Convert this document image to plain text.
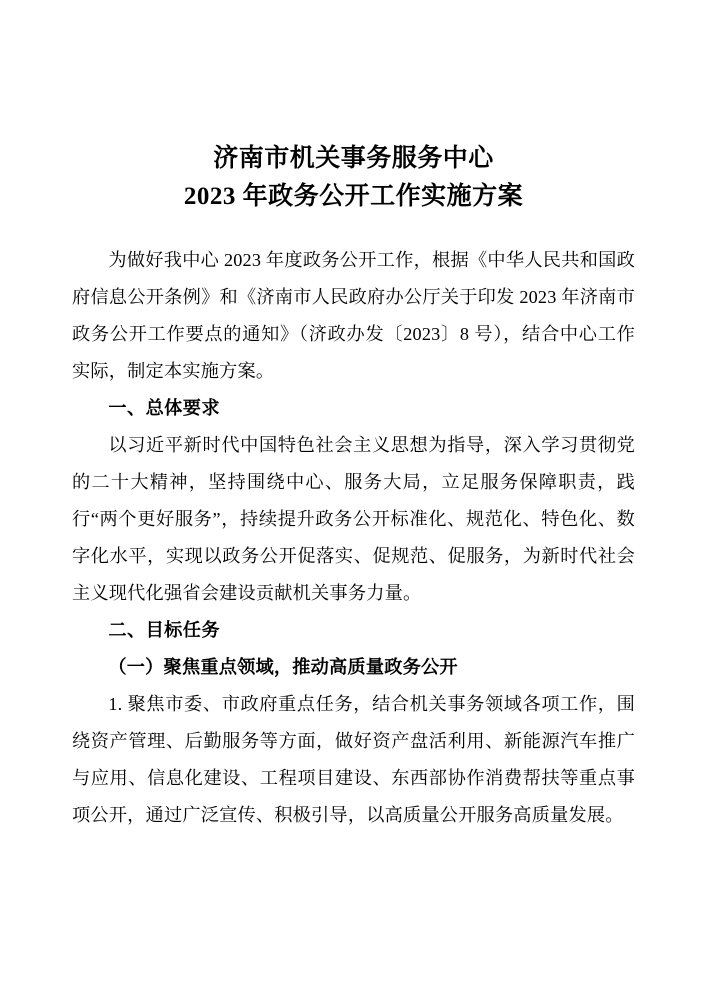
济南市机关事务服务中心
2023 年政务公开工作实施方案

为做好我中心 2023 年度政务公开工作，根据《中华人民共和国政府信息公开条例》和《济南市人民政府办公厅关于印发 2023 年济南市政务公开工作要点的通知》（济政办发〔2023〕8 号），结合中心工作实际，制定本实施方案。

一、总体要求

以习近平新时代中国特色社会主义思想为指导，深入学习贯彻党的二十大精神，坚持围绕中心、服务大局，立足服务保障职责，践行“两个更好服务”，持续提升政务公开标准化、规范化、特色化、数字化水平，实现以政务公开促落实、促规范、促服务，为新时代社会主义现代化强省会建设贡献机关事务力量。

二、目标任务

（一）聚焦重点领域，推动高质量政务公开

1. 聚焦市委、市政府重点任务，结合机关事务领域各项工作，围绕资产管理、后勤服务等方面，做好资产盘活利用、新能源汽车推广与应用、信息化建设、工程项目建设、东西部协作消费帮扶等重点事项公开，通过广泛宣传、积极引导，以高质量公开服务高质量发展。
